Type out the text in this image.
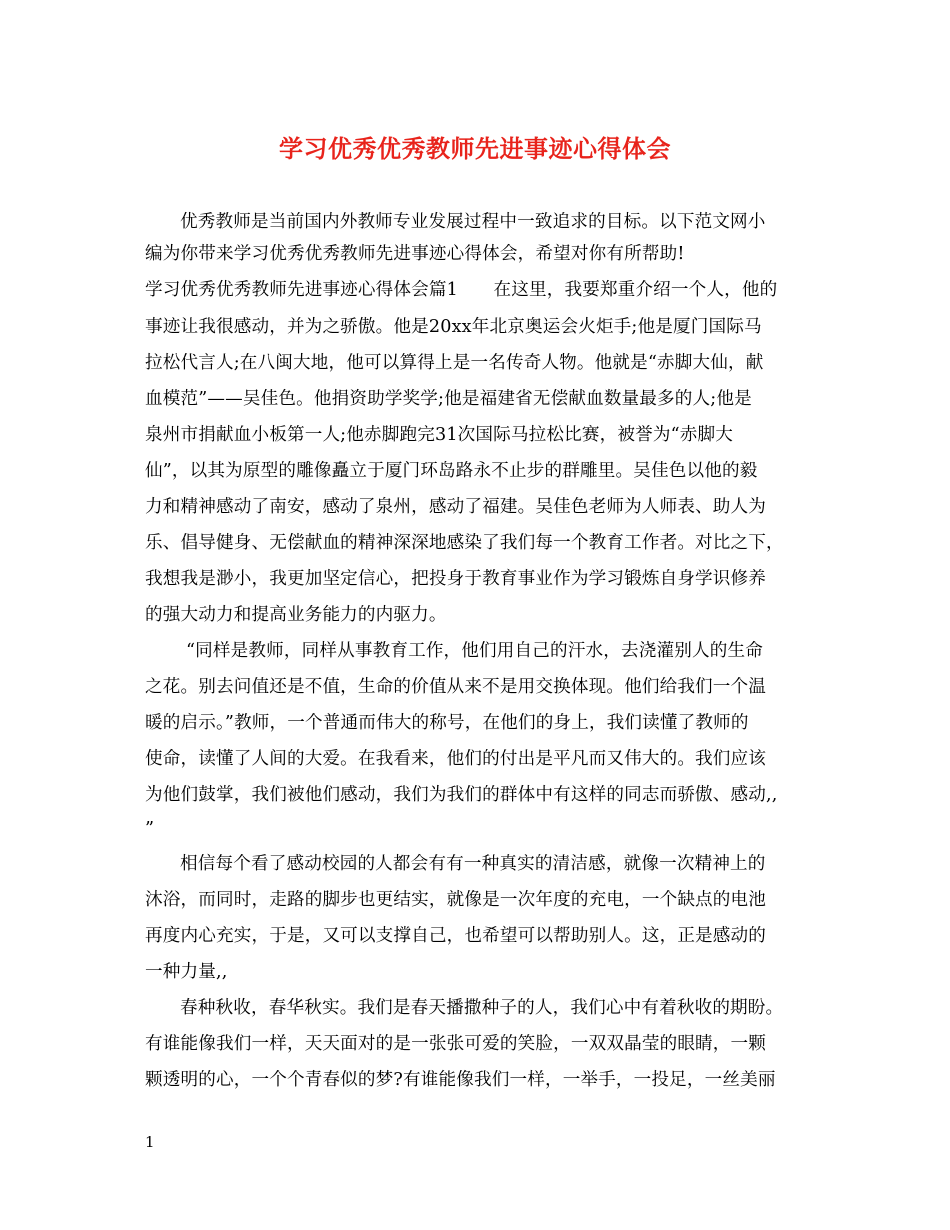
学习优秀优秀教师先进事迹心得体会
优秀教师是当前国内外教师专业发展过程中一致追求的目标。以下范文网小
编为你带来学习优秀优秀教师先进事迹心得体会，希望对你有所帮助!
学习优秀优秀教师先进事迹心得体会篇1　　在这里，我要郑重介绍一个人，他的
事迹让我很感动，并为之骄傲。他是20xx年北京奥运会火炬手;他是厦门国际马
拉松代言人;在八闽大地，他可以算得上是一名传奇人物。他就是“赤脚大仙，献
血模范”——吴佳色。他捐资助学奖学;他是福建省无偿献血数量最多的人;他是
泉州市捐献血小板第一人;他赤脚跑完31次国际马拉松比赛，被誉为“赤脚大
仙”，以其为原型的雕像矗立于厦门环岛路永不止步的群雕里。吴佳色以他的毅
力和精神感动了南安，感动了泉州，感动了福建。吴佳色老师为人师表、助人为
乐、倡导健身、无偿献血的精神深深地感染了我们每一个教育工作者。对比之下，
我想我是渺小，我更加坚定信心，把投身于教育事业作为学习锻炼自身学识修养
的强大动力和提高业务能力的内驱力。
“同样是教师，同样从事教育工作，他们用自己的汗水，去浇灌别人的生命
之花。别去问值还是不值，生命的价值从来不是用交换体现。他们给我们一个温
暖的启示。”教师，一个普通而伟大的称号，在他们的身上，我们读懂了教师的
使命，读懂了人间的大爱。在我看来，他们的付出是平凡而又伟大的。我们应该
为他们鼓掌，我们被他们感动，我们为我们的群体中有这样的同志而骄傲、感动,,
”
相信每个看了感动校园的人都会有有一种真实的清洁感，就像一次精神上的
沐浴，而同时，走路的脚步也更结实，就像是一次年度的充电，一个缺点的电池
再度内心充实，于是，又可以支撑自己，也希望可以帮助别人。这，正是感动的
一种力量,,
春种秋收，春华秋实。我们是春天播撒种子的人，我们心中有着秋收的期盼。
有谁能像我们一样，天天面对的是一张张可爱的笑脸，一双双晶莹的眼睛，一颗
颗透明的心，一个个青春似的梦?有谁能像我们一样，一举手，一投足，一丝美丽
1
